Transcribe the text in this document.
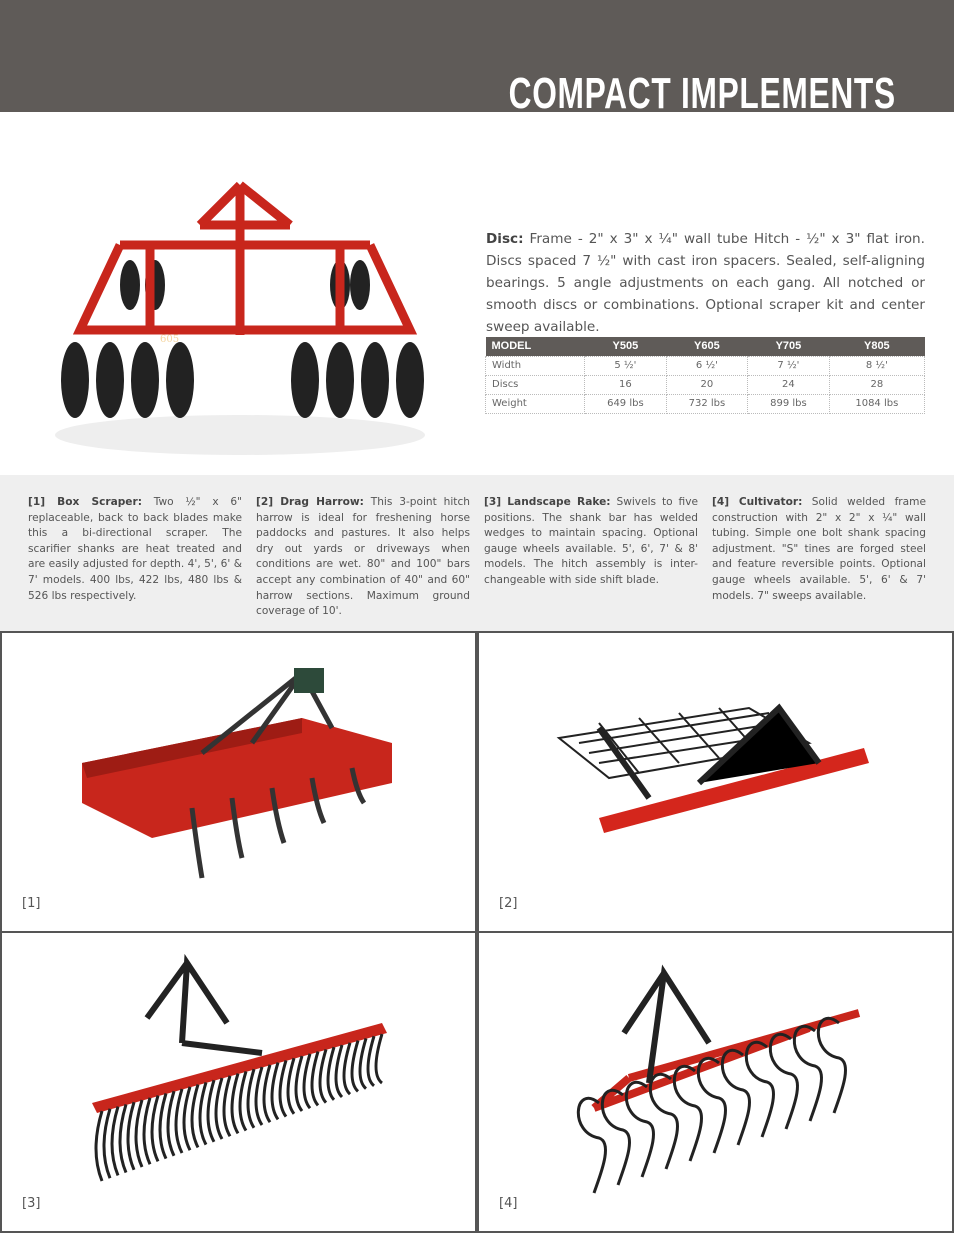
COMPACT IMPLEMENTS
605
Disc: Frame - 2" x 3" x ¼" wall tube Hitch - ½" x 3" flat iron. Discs spaced 7 ½" with cast iron spacers. Sealed, self-aligning bearings. 5 angle adjustments on each gang. All notched or smooth discs or combinations. Optional scraper kit and center sweep available.
MODEL	Y505	Y605	Y705	Y805
Width	5 ½'	6 ½'	7 ½'	8 ½'
Discs	16	20	24	28
Weight	649 lbs	732 lbs	899 lbs	1084 lbs
[1] Box Scraper: Two ½" x 6" replaceable, back to back blades make this a bi-directional scraper. The scarifier shanks are heat treated and are easily adjusted for depth. 4', 5', 6' & 7' models. 400 lbs, 422 lbs, 480 lbs & 526 lbs respectively.
[2] Drag Harrow: This 3-point hitch harrow is ideal for freshening horse paddocks and pastures. It also helps dry out yards or driveways when conditions are wet. 80" and 100" bars accept any combination of 40" and 60" harrow sections. Maximum ground coverage of 10'.
[3] Landscape Rake: Swivels to five positions. The shank bar has welded wedges to maintain spacing. Optional gauge wheels available. 5', 6', 7' & 8' models. The hitch assembly is inter-changeable with side shift blade.
[4] Cultivator: Solid welded frame construction with 2" x 2" x ¼" wall tubing. Simple one bolt shank spacing adjustment. "S" tines are forged steel and feature reversible points. Optional gauge wheels available. 5', 6' & 7' models. 7" sweeps available.
[1]	[2]
[3]	[4]
